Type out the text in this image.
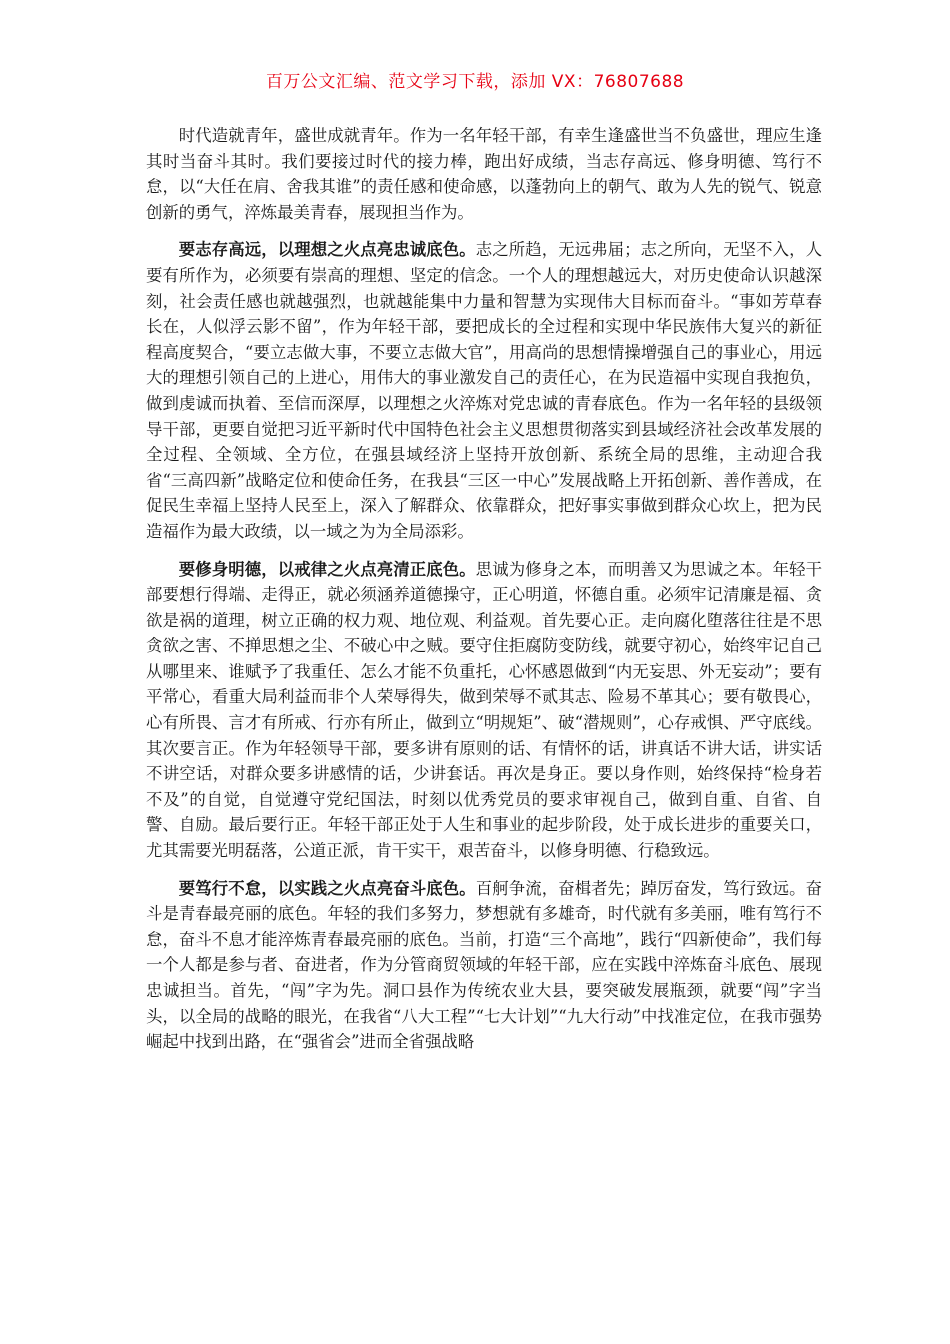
百万公文汇编、范文学习下载，添加 VX：76807688

时代造就青年，盛世成就青年。作为一名年轻干部，有幸生逢盛世当不负盛世，理应生逢其时当奋斗其时。我们要接过时代的接力棒，跑出好成绩，当志存高远、修身明德、笃行不怠，以“大任在肩、舍我其谁”的责任感和使命感，以蓬勃向上的朝气、敢为人先的锐气、锐意创新的勇气，淬炼最美青春，展现担当作为。

要志存高远，以理想之火点亮忠诚底色。志之所趋，无远弗届；志之所向，无坚不入，人要有所作为，必须要有崇高的理想、坚定的信念。一个人的理想越远大，对历史使命认识越深刻，社会责任感也就越强烈，也就越能集中力量和智慧为实现伟大目标而奋斗。“事如芳草春长在，人似浮云影不留”，作为年轻干部，要把成长的全过程和实现中华民族伟大复兴的新征程高度契合，“要立志做大事，不要立志做大官”，用高尚的思想情操增强自己的事业心，用远大的理想引领自己的上进心，用伟大的事业激发自己的责任心，在为民造福中实现自我抱负，做到虔诚而执着、至信而深厚，以理想之火淬炼对党忠诚的青春底色。作为一名年轻的县级领导干部，更要自觉把习近平新时代中国特色社会主义思想贯彻落实到县域经济社会改革发展的全过程、全领域、全方位，在强县域经济上坚持开放创新、系统全局的思维，主动迎合我省“三高四新”战略定位和使命任务，在我县“三区一中心”发展战略上开拓创新、善作善成，在促民生幸福上坚持人民至上，深入了解群众、依靠群众，把好事实事做到群众心坎上，把为民造福作为最大政绩，以一域之为为全局添彩。

要修身明德，以戒律之火点亮清正底色。思诚为修身之本，而明善又为思诚之本。年轻干部要想行得端、走得正，就必须涵养道德操守，正心明道，怀德自重。必须牢记清廉是福、贪欲是祸的道理，树立正确的权力观、地位观、利益观。首先要心正。走向腐化堕落往往是不思贪欲之害、不掸思想之尘、不破心中之贼。要守住拒腐防变防线，就要守初心，始终牢记自己从哪里来、谁赋予了我重任、怎么才能不负重托，心怀感恩做到“内无妄思、外无妄动”；要有平常心，看重大局利益而非个人荣辱得失，做到荣辱不贰其志、险易不革其心；要有敬畏心，心有所畏、言才有所戒、行亦有所止，做到立“明规矩”、破“潜规则”，心存戒惧、严守底线。其次要言正。作为年轻领导干部，要多讲有原则的话、有情怀的话，讲真话不讲大话，讲实话不讲空话，对群众要多讲感情的话，少讲套话。再次是身正。要以身作则，始终保持“检身若不及”的自觉，自觉遵守党纪国法，时刻以优秀党员的要求审视自己，做到自重、自省、自警、自励。最后要行正。年轻干部正处于人生和事业的起步阶段，处于成长进步的重要关口，尤其需要光明磊落，公道正派，肯干实干，艰苦奋斗，以修身明德、行稳致远。

要笃行不怠，以实践之火点亮奋斗底色。百舸争流，奋楫者先；踔厉奋发，笃行致远。奋斗是青春最亮丽的底色。年轻的我们多努力，梦想就有多雄奇，时代就有多美丽，唯有笃行不怠，奋斗不息才能淬炼青春最亮丽的底色。当前，打造“三个高地”，践行“四新使命”，我们每一个人都是参与者、奋进者，作为分管商贸领域的年轻干部，应在实践中淬炼奋斗底色、展现忠诚担当。首先，“闯”字为先。洞口县作为传统农业大县，要突破发展瓶颈，就要“闯”字当头，以全局的战略的眼光，在我省“八大工程”“七大计划”“九大行动”中找准定位，在我市强势崛起中找到出路，在“强省会”进而全省强战略
